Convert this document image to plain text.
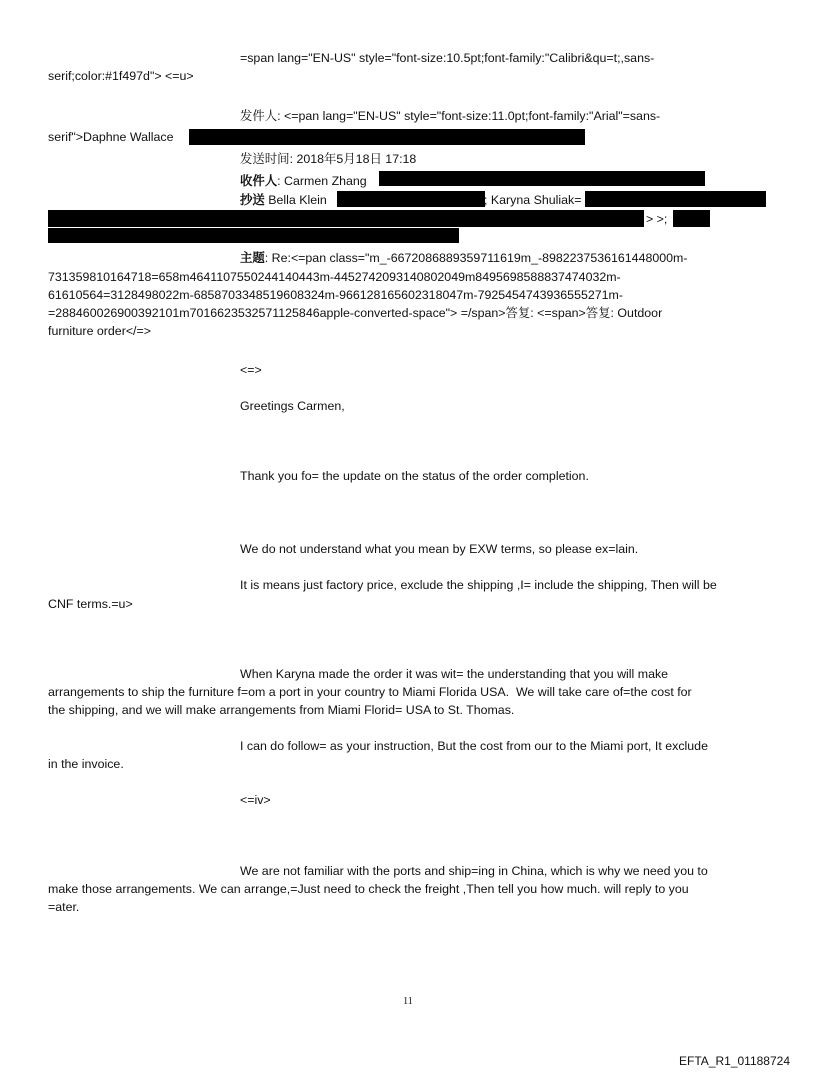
=span lang="EN-US" style="font-size:10.5pt;font-family:"Calibri&qu=t;,sans-
serif;color:#1f497d"> <=u>
发件人: <=pan lang="EN-US" style="font-size:11.0pt;font-family:"Arial"=sans-
serif">Daphne Wallace
发送时间: 2018年5月18日 17:18
收件人: Carmen Zhang
抄送 Bella Klein	; Karyna Shuliak=
> >;
主题: Re:<=pan class="m_-6672086889359711619m_-8982237536161448000m-
731359810164718=658m4641107550244140443m-4452742093140802049m8495698588837474032m-
61610564=3128498022m-6858703348519608324m-966128165602318047m-7925454743936555271m-
=288460026900392101m7016623532571125846apple-converted-space"> =/span>答复: <=span>答复: Outdoor
furniture order</=>
<=>
Greetings Carmen,
Thank you fo= the update on the status of the order completion.
We do not understand what you mean by EXW terms, so please ex=lain.
It is means just factory price, exclude the shipping ,I= include the shipping, Then will be
CNF terms.=u>
When Karyna made the order it was wit= the understanding that you will make
arrangements to ship the furniture f=om a port in your country to Miami Florida USA.  We will take care of=the cost for
the shipping, and we will make arrangements from Miami Florid= USA to St. Thomas.
I can do follow= as your instruction, But the cost from our to the Miami port, It exclude
in the invoice.
<=iv>
We are not familiar with the ports and ship=ing in China, which is why we need you to
make those arrangements. We can arrange,=Just need to check the freight ,Then tell you how much. will reply to you
=ater.
11
EFTA_R1_01188724
